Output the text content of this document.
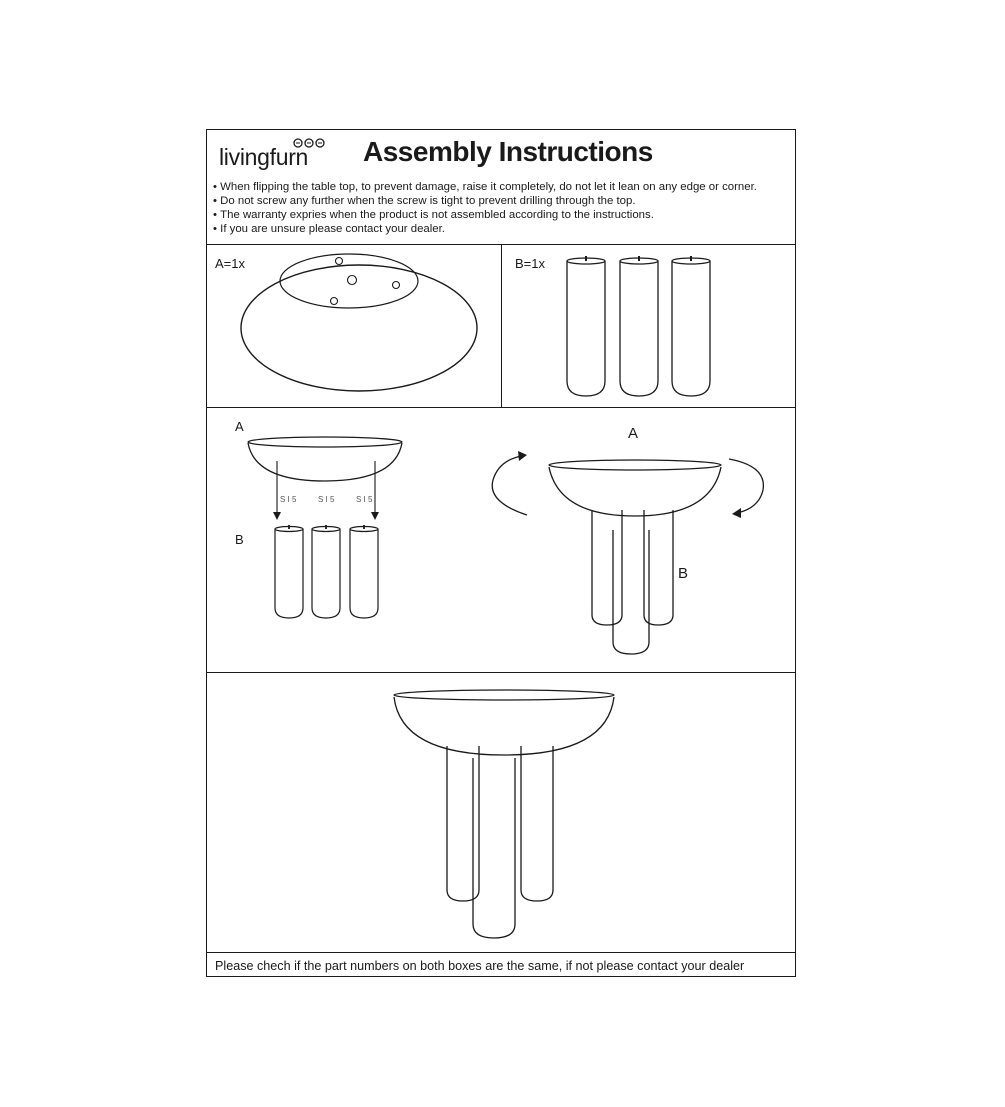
livingfurn Assembly Instructions
• When flipping the table top, to prevent damage, raise it completely, do not let it lean on any edge or corner.
• Do not screw any further when the screw is tight to prevent drilling through the top.
• The warranty expries when the product is not assembled according to the instructions.
• If you are unsure please contact your dealer.
A=1x	B=1x
A
B
S I 5	S I 5	S I 5
A
B
Please chech if the part numbers on both boxes are the same, if not please contact your dealer
